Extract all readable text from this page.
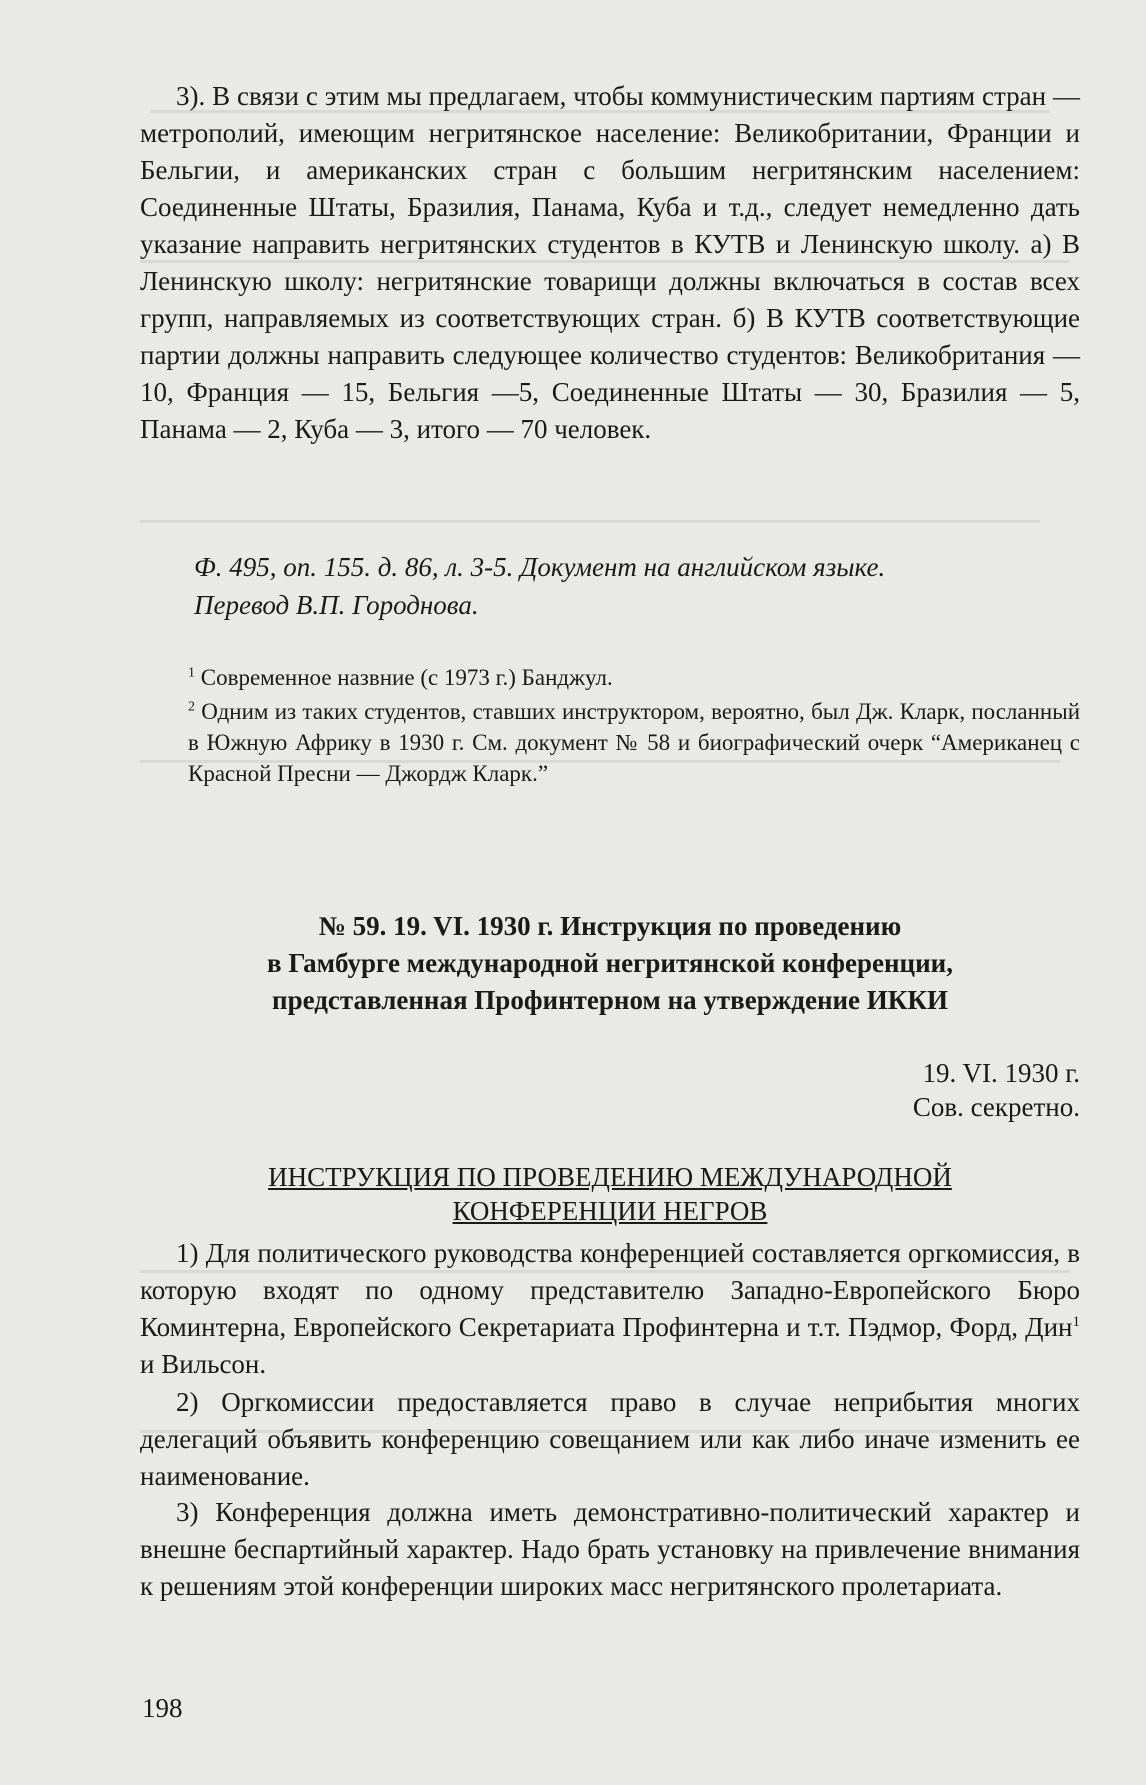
3). В связи с этим мы предлагаем, чтобы коммунистическим партиям стран — метрополий, имеющим негритянское население: Великобритании, Франции и Бельгии, и американских стран с большим негритянским населением: Соединенные Штаты, Бразилия, Панама, Куба и т.д., следует немедленно дать указание направить негритянских студентов в КУТВ и Ленинскую школу. а) В Ленинскую школу: негритянские товарищи должны включаться в состав всех групп, направляемых из соответствующих стран. б) В КУТВ соответствующие партии должны направить следующее количество студентов: Великобритания — 10, Франция — 15, Бельгия —5, Соединенные Штаты — 30, Бразилия — 5, Панама — 2, Куба — 3, итого — 70 человек.

Ф. 495, оп. 155. д. 86, л. 3-5. Документ на английском языке.
Перевод В.П. Городнова.

$^1$ Современное назвние (с 1973 г.) Банджул.

$^2$ Одним из таких студентов, ставших инструктором, вероятно, был Дж. Кларк, посланный в Южную Африку в 1930 г. См. документ № 58 и биографический очерк “Американец с Красной Пресни — Джордж Кларк.”

№ 59. 19. VI. 1930 г. Инструкция по проведению
в Гамбурге международной негритянской конференции,
представленная Профинтерном на утверждение ИККИ
19. VI. 1930 г.
Сов. секретно.
ИНСТРУКЦИЯ ПО ПРОВЕДЕНИЮ МЕЖДУНАРОДНОЙ
КОНФЕРЕНЦИИ НЕГРОВ

1) Для политического руководства конференцией составляется оргкомиссия, в которую входят по одному представителю Западно-Европейского Бюро Коминтерна, Европейского Секретариата Профинтерна и т.т. Пэдмор, Форд, Дин$^1$ и Вильсон.

2) Оргкомиссии предоставляется право в случае неприбытия многих делегаций объявить конференцию совещанием или как либо иначе изменить ее наименование.

3) Конференция должна иметь демонстративно-политический характер и внешне беспартийный характер. Надо брать установку на привлечение внимания к решениям этой конференции широких масс негритянского пролетариата.

198
